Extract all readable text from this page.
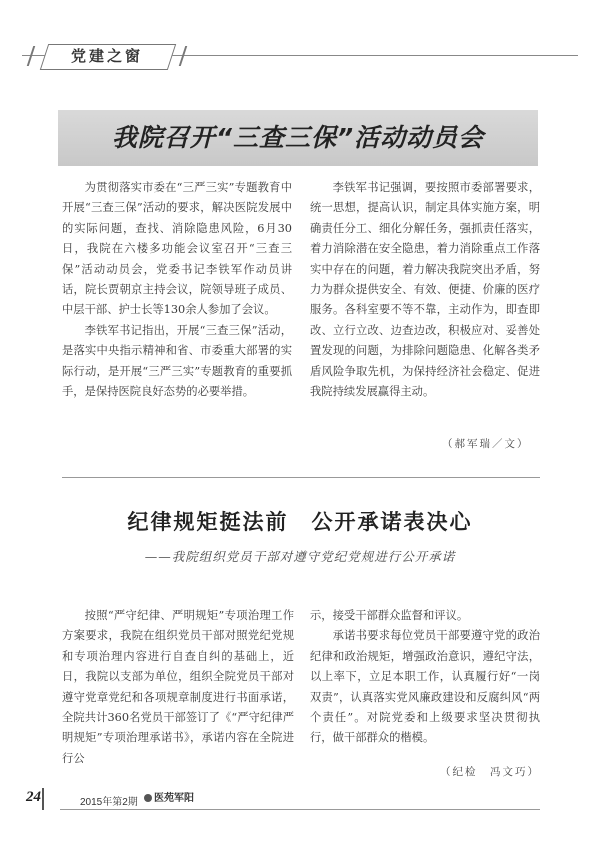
党建之窗
我院召开“三查三保”活动动员会

为贯彻落实市委在“三严三实”专题教育中开展“三查三保”活动的要求，解决医院发展中的实际问题，查找、消除隐患风险，6月30日，我院在六楼多功能会议室召开“三查三保”活动动员会，党委书记李铁军作动员讲话，院长贾朝京主持会议，院领导班子成员、中层干部、护士长等130余人参加了会议。

李铁军书记指出，开展“三查三保”活动，是落实中央指示精神和省、市委重大部署的实际行动，是开展“三严三实”专题教育的重要抓手，是保持医院良好态势的必要举措。

李铁军书记强调，要按照市委部署要求，统一思想，提高认识，制定具体实施方案，明确责任分工、细化分解任务，强抓责任落实，着力消除潜在安全隐患，着力消除重点工作落实中存在的问题，着力解决我院突出矛盾，努力为群众提供安全、有效、便捷、价廉的医疗服务。各科室要不等不靠，主动作为，即查即改、立行立改、边查边改，积极应对、妥善处置发现的问题，为排除问题隐患、化解各类矛盾风险争取先机，为保持经济社会稳定、促进我院持续发展赢得主动。

（郝军瑞／文）
纪律规矩挺法前　公开承诺表决心
——我院组织党员干部对遵守党纪党规进行公开承诺

按照“严守纪律、严明规矩”专项治理工作方案要求，我院在组织党员干部对照党纪党规和专项治理内容进行自查自纠的基础上，近日，我院以支部为单位，组织全院党员干部对遵守党章党纪和各项规章制度进行书面承诺，全院共计360名党员干部签订了《“严守纪律严明规矩”专项治理承诺书》，承诺内容在全院进行公

示，接受干部群众监督和评议。

承诺书要求每位党员干部要遵守党的政治纪律和政治规矩，增强政治意识，遵纪守法，以上率下，立足本职工作，认真履行好“一岗双责”，认真落实党风廉政建设和反腐纠风“两个责任”。对院党委和上级要求坚决贯彻执行，做干部群众的楷模。

（纪检　冯文巧）
24	2015年第2期	医苑军阳
